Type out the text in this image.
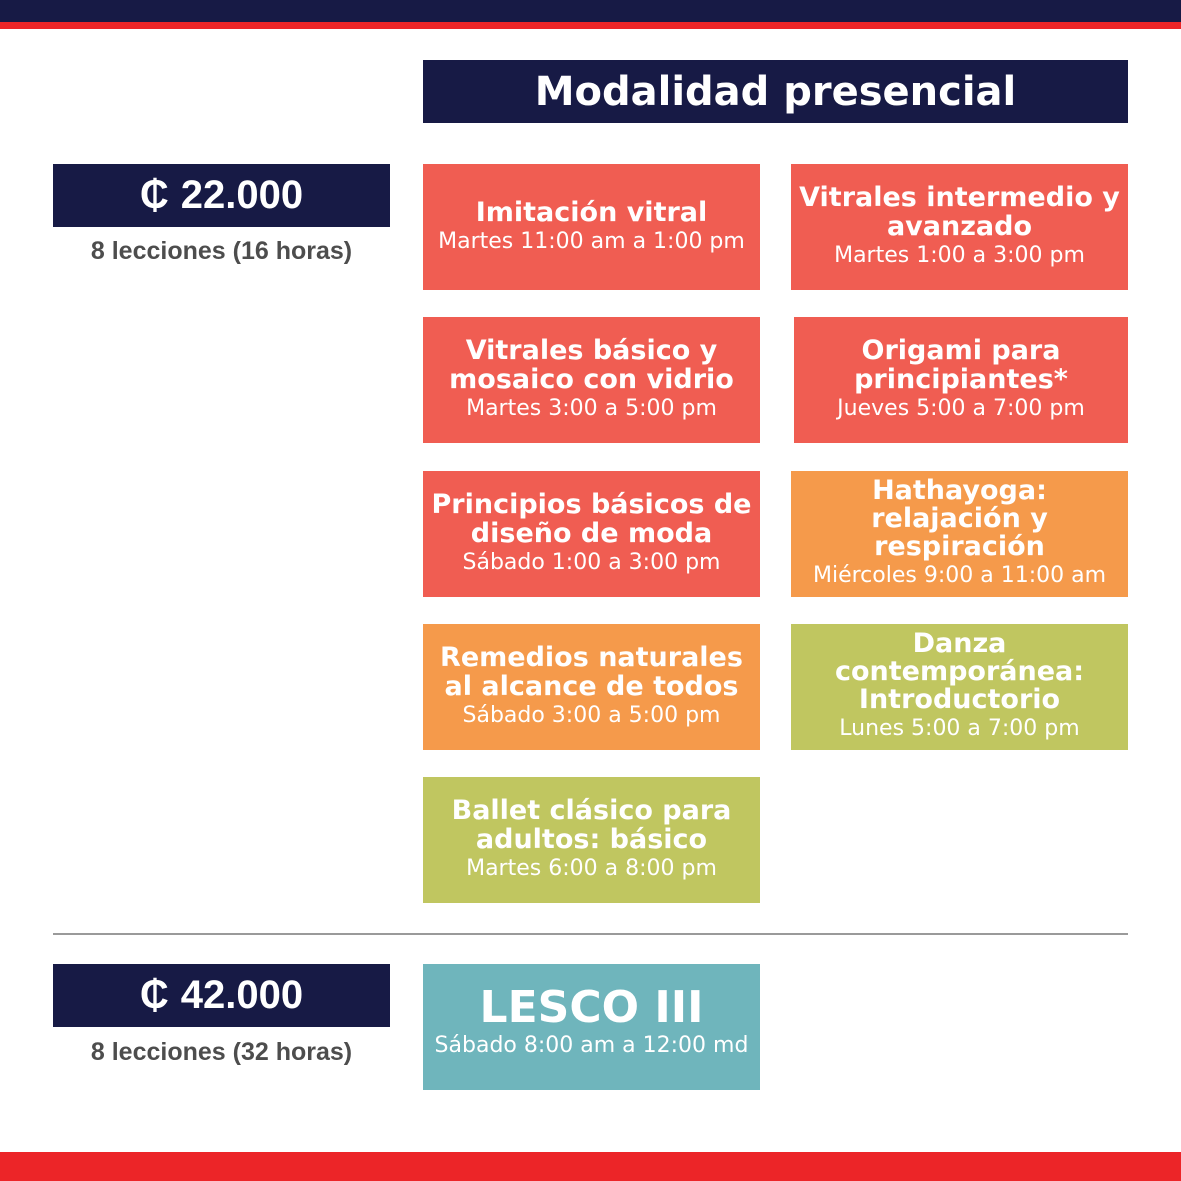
Modalidad presencial
₵ 22.000
8 lecciones (16 horas)
Imitación vitral
Martes 11:00 am a 1:00 pm
Vitrales intermedio y avanzado
Martes 1:00 a 3:00 pm
Vitrales básico y mosaico con vidrio
Martes 3:00 a 5:00 pm
Origami para principiantes*
Jueves 5:00 a 7:00 pm
Principios básicos de diseño de moda
Sábado 1:00 a 3:00 pm
Hathayoga: relajación y respiración
Miércoles 9:00 a 11:00 am
Remedios naturales al alcance de todos
Sábado 3:00 a 5:00 pm
Danza contemporánea: Introductorio
Lunes 5:00 a 7:00 pm
Ballet clásico para adultos: básico
Martes 6:00 a 8:00 pm
₵ 42.000
8 lecciones (32 horas)
LESCO III
Sábado 8:00 am a 12:00 md
